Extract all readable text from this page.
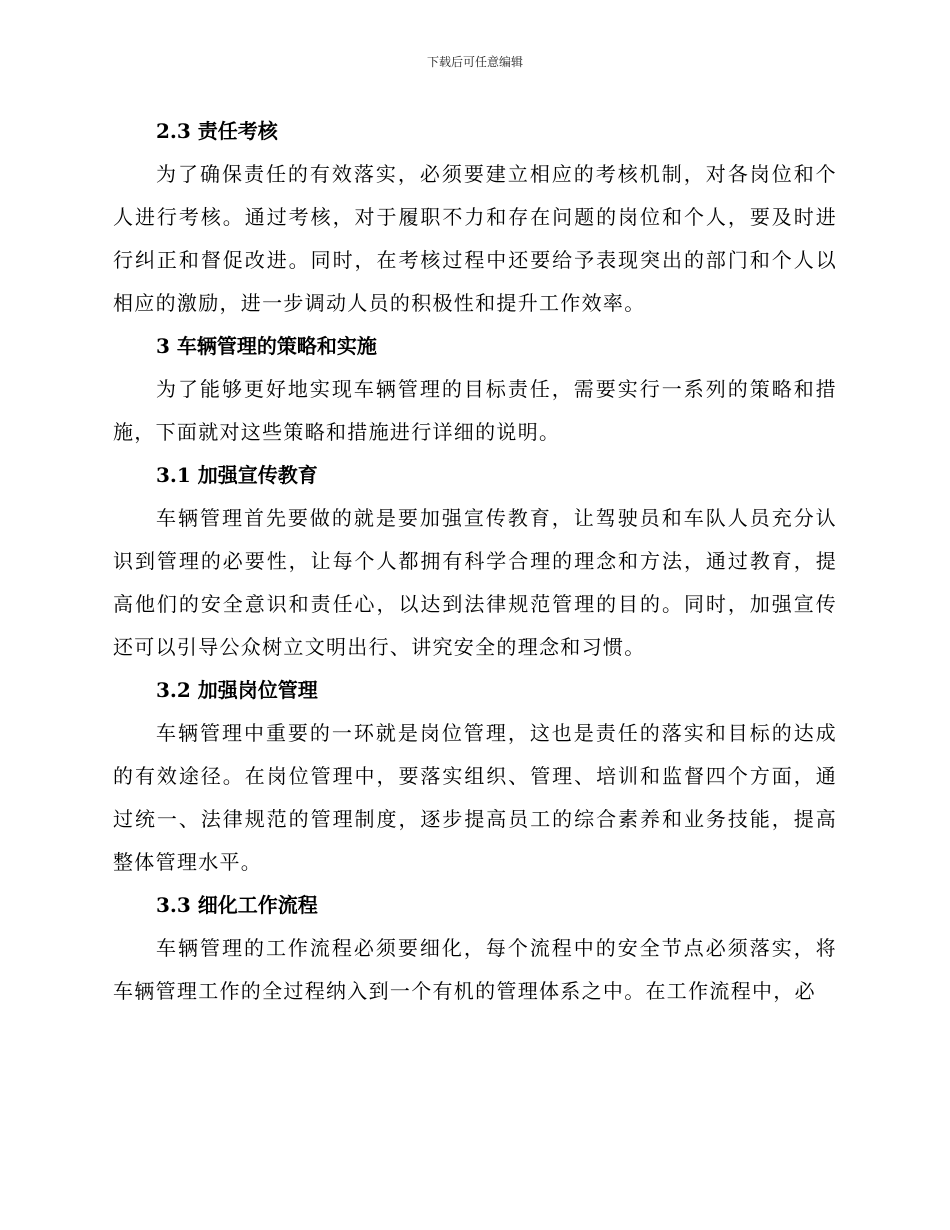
下载后可任意编辑
2.3 责任考核

为了确保责任的有效落实，必须要建立相应的考核机制，对各岗位和个人进行考核。通过考核，对于履职不力和存在问题的岗位和个人，要及时进行纠正和督促改进。同时，在考核过程中还要给予表现突出的部门和个人以相应的激励，进一步调动人员的积极性和提升工作效率。

3 车辆管理的策略和实施

为了能够更好地实现车辆管理的目标责任，需要实行一系列的策略和措施，下面就对这些策略和措施进行详细的说明。

3.1 加强宣传教育

车辆管理首先要做的就是要加强宣传教育，让驾驶员和车队人员充分认识到管理的必要性，让每个人都拥有科学合理的理念和方法，通过教育，提高他们的安全意识和责任心，以达到法律规范管理的目的。同时，加强宣传还可以引导公众树立文明出行、讲究安全的理念和习惯。

3.2 加强岗位管理

车辆管理中重要的一环就是岗位管理，这也是责任的落实和目标的达成的有效途径。在岗位管理中，要落实组织、管理、培训和监督四个方面，通过统一、法律规范的管理制度，逐步提高员工的综合素养和业务技能，提高整体管理水平。

3.3 细化工作流程

车辆管理的工作流程必须要细化，每个流程中的安全节点必须落实，将车辆管理工作的全过程纳入到一个有机的管理体系之中。在工作流程中，必
